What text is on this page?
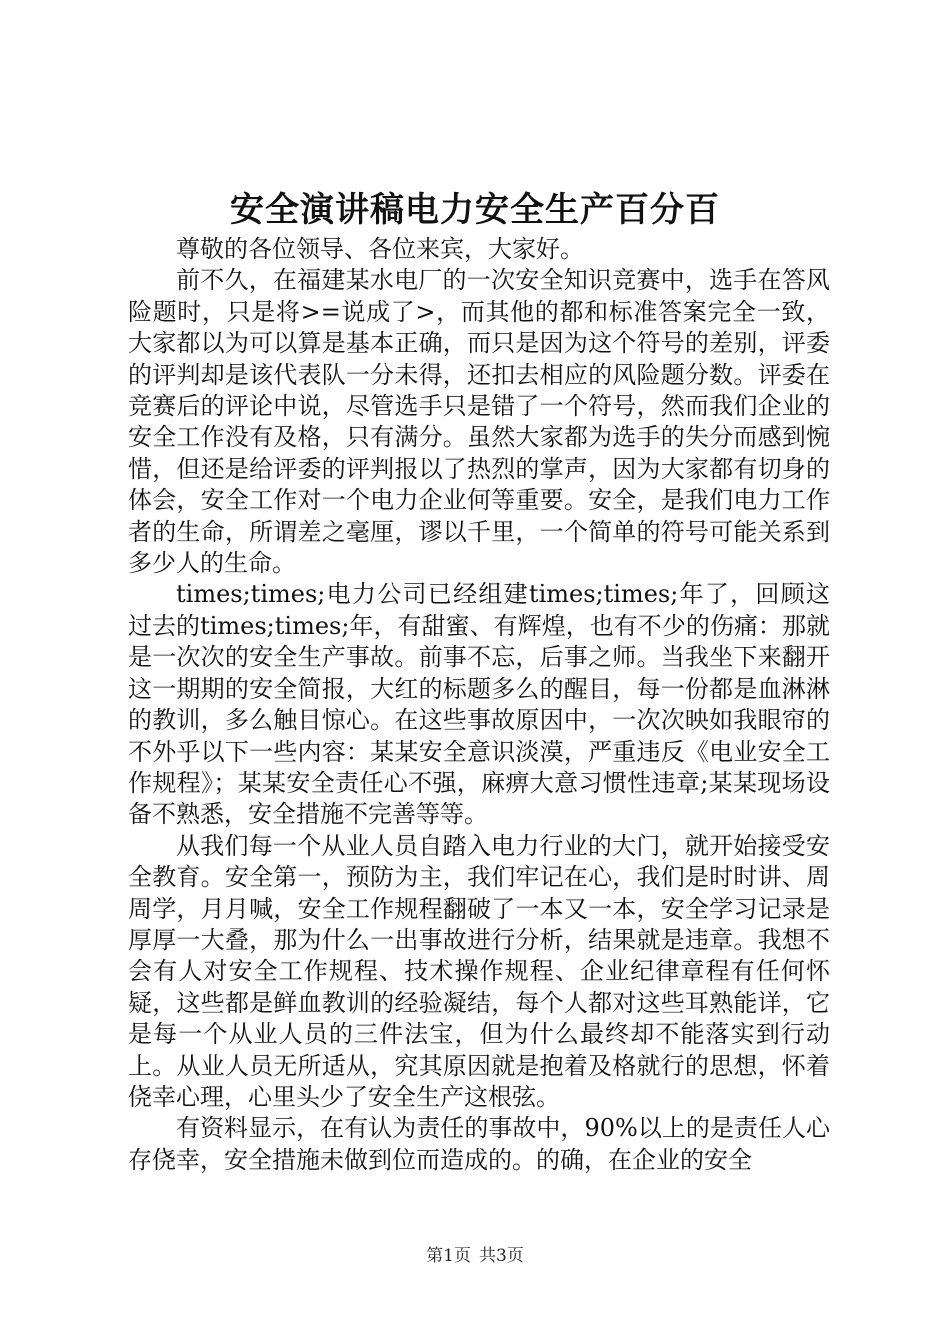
安全演讲稿电力安全生产百分百

尊敬的各位领导、各位来宾，大家好。

前不久，在福建某水电厂的一次安全知识竞赛中，选手在答风险题时，只是将>=说成了>，而其他的都和标准答案完全一致，大家都以为可以算是基本正确，而只是因为这个符号的差别，评委的评判却是该代表队一分未得，还扣去相应的风险题分数。评委在竞赛后的评论中说，尽管选手只是错了一个符号，然而我们企业的安全工作没有及格，只有满分。虽然大家都为选手的失分而感到惋惜，但还是给评委的评判报以了热烈的掌声，因为大家都有切身的体会，安全工作对一个电力企业何等重要。安全，是我们电力工作者的生命，所谓差之毫厘，谬以千里，一个简单的符号可能关系到多少人的生命。

times;times;电力公司已经组建times;times;年了，回顾这过去的times;times;年，有甜蜜、有辉煌，也有不少的伤痛：那就是一次次的安全生产事故。前事不忘，后事之师。当我坐下来翻开这一期期的安全简报，大红的标题多么的醒目，每一份都是血淋淋的教训，多么触目惊心。在这些事故原因中，一次次映如我眼帘的不外乎以下一些内容：某某安全意识淡漠，严重违反《电业安全工作规程》；某某安全责任心不强，麻痹大意习惯性违章;某某现场设备不熟悉，安全措施不完善等等。

从我们每一个从业人员自踏入电力行业的大门，就开始接受安全教育。安全第一，预防为主，我们牢记在心，我们是时时讲、周周学，月月喊，安全工作规程翻破了一本又一本，安全学习记录是厚厚一大叠，那为什么一出事故进行分析，结果就是违章。我想不会有人对安全工作规程、技术操作规程、企业纪律章程有任何怀疑，这些都是鲜血教训的经验凝结，每个人都对这些耳熟能详，它是每一个从业人员的三件法宝，但为什么最终却不能落实到行动上。从业人员无所适从，究其原因就是抱着及格就行的思想，怀着侥幸心理，心里头少了安全生产这根弦。

有资料显示，在有认为责任的事故中，90%以上的是责任人心存侥幸，安全措施未做到位而造成的。的确，在企业的安全

第1页 共3页
